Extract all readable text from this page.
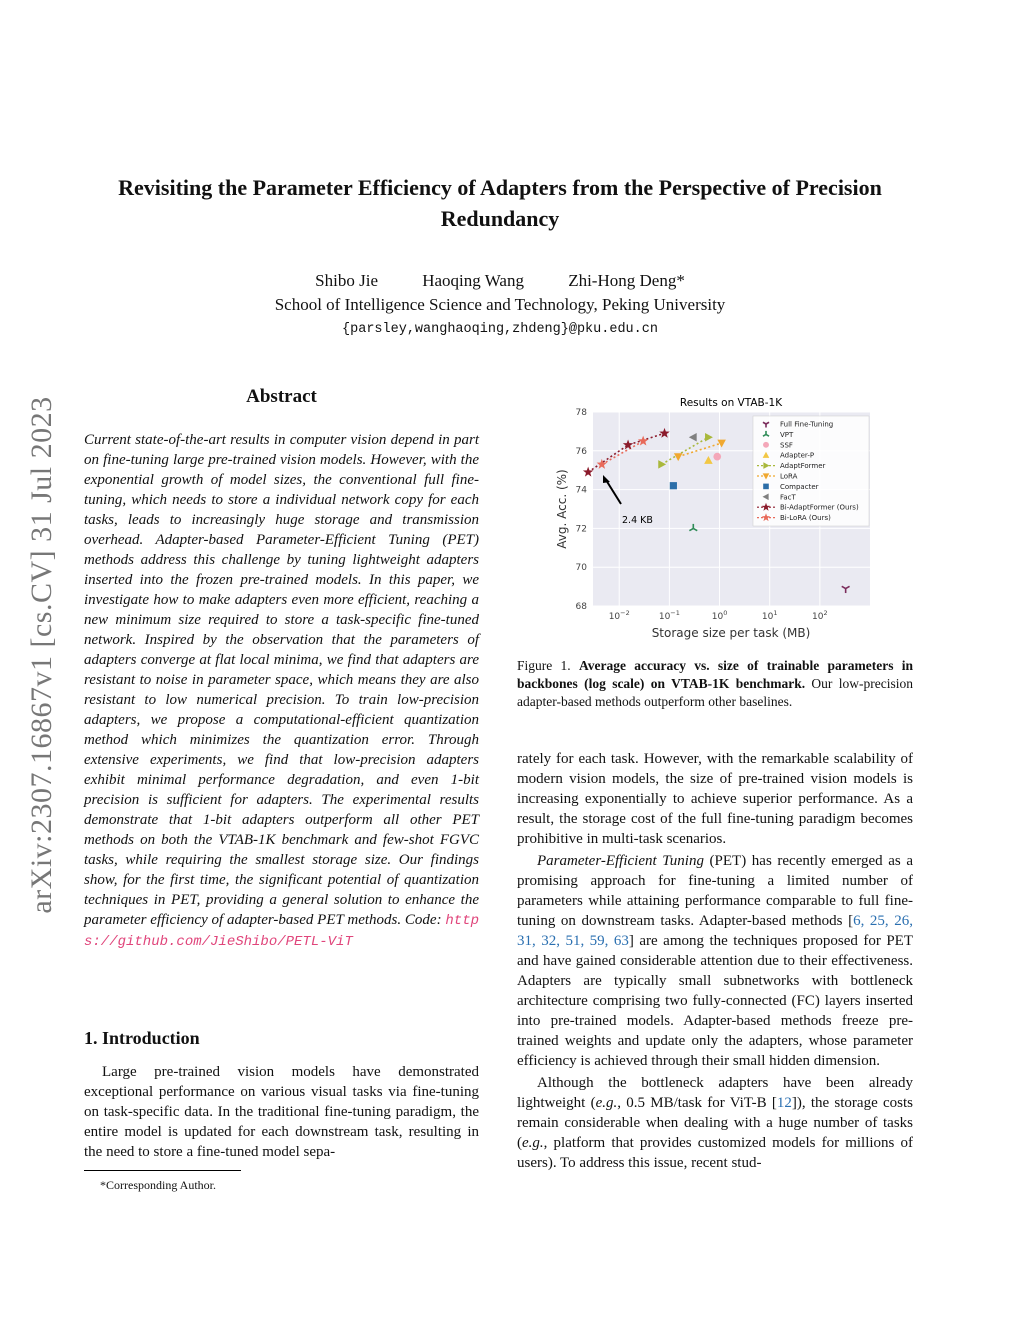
Revisiting the Parameter Efficiency of Adapters from the Perspective of Precision Redundancy
Shibo Jie	Haoqing Wang	Zhi-Hong Deng*
School of Intelligence Science and Technology, Peking University
{parsley,wanghaoqing,zhdeng}@pku.edu.cn
arXiv:2307.16867v1 [cs.CV] 31 Jul 2023	Abstract
Current state-of-the-art results in computer vision depend in part on fine-tuning large pre-trained vision models. However, with the exponential growth of model sizes, the conventional full fine-tuning, which needs to store a individual network copy for each tasks, leads to increasingly huge storage and transmission overhead. Adapter-based Parameter-Efficient Tuning (PET) methods address this challenge by tuning lightweight adapters inserted into the frozen pre-trained models. In this paper, we investigate how to make adapters even more efficient, reaching a new minimum size required to store a task-specific fine-tuned network. Inspired by the observation that the parameters of adapters converge at flat local minima, we find that adapters are resistant to noise in parameter space, which means they are also resistant to low numerical precision. To train low-precision adapters, we propose a computational-efficient quantization method which minimizes the quantization error. Through extensive experiments, we find that low-precision adapters exhibit minimal performance degradation, and even 1-bit precision is sufficient for adapters. The experimental results demonstrate that 1-bit adapters outperform all other PET methods on both the VTAB-1K benchmark and few-shot FGVC tasks, while requiring the smallest storage size. Our findings show, for the first time, the significant potential of quantization techniques in PET, providing a general solution to enhance the parameter efficiency of adapter-based PET methods. Code: https://github.com/JieShibo/PETL-ViT
1. Introduction
Large pre-trained vision models have demonstrated exceptional performance on various visual tasks via fine-tuning on task-specific data. In the traditional fine-tuning paradigm, the entire model is updated for each downstream task, resulting in the need to store a fine-tuned model sepa-
*Corresponding Author.
68
70
72
74
76
78
$10^{-2}$	$10^{-1}$	$10^0$	$10^1$	$10^2$
Results on VTAB-1K
Storage size per task (MB)
Avg. Acc. (%)
Full Fine-Tuning
VPT
SSF
Adapter-P
AdaptFormer
LoRA
Compacter
FacT
Bi-AdaptFormer (Ours)
Bi-LoRA (Ours)
2.4 KB
Figure 1. Average accuracy vs. size of trainable parameters in backbones (log scale) on VTAB-1K benchmark. Our low-precision adapter-based methods outperform other baselines.

rately for each task. However, with the remarkable scalability of modern vision models, the size of pre-trained vision models is increasing exponentially to achieve superior performance. As a result, the storage cost of the full fine-tuning paradigm becomes prohibitive in multi-task scenarios.

Parameter-Efficient Tuning (PET) has recently emerged as a promising approach for fine-tuning a limited number of parameters while attaining performance comparable to full fine-tuning on downstream tasks. Adapter-based methods [6, 25, 26, 31, 32, 51, 59, 63] are among the techniques proposed for PET and have gained considerable attention due to their effectiveness. Adapters are typically small subnetworks with bottleneck architecture comprising two fully-connected (FC) layers inserted into pre-trained models. Adapter-based methods freeze pre-trained weights and update only the adapters, whose parameter efficiency is achieved through their small hidden dimension.

Although the bottleneck adapters have been already lightweight (e.g., 0.5 MB/task for ViT-B [12]), the storage costs remain considerable when dealing with a huge number of tasks (e.g., platform that provides customized models for millions of users). To address this issue, recent stud-
